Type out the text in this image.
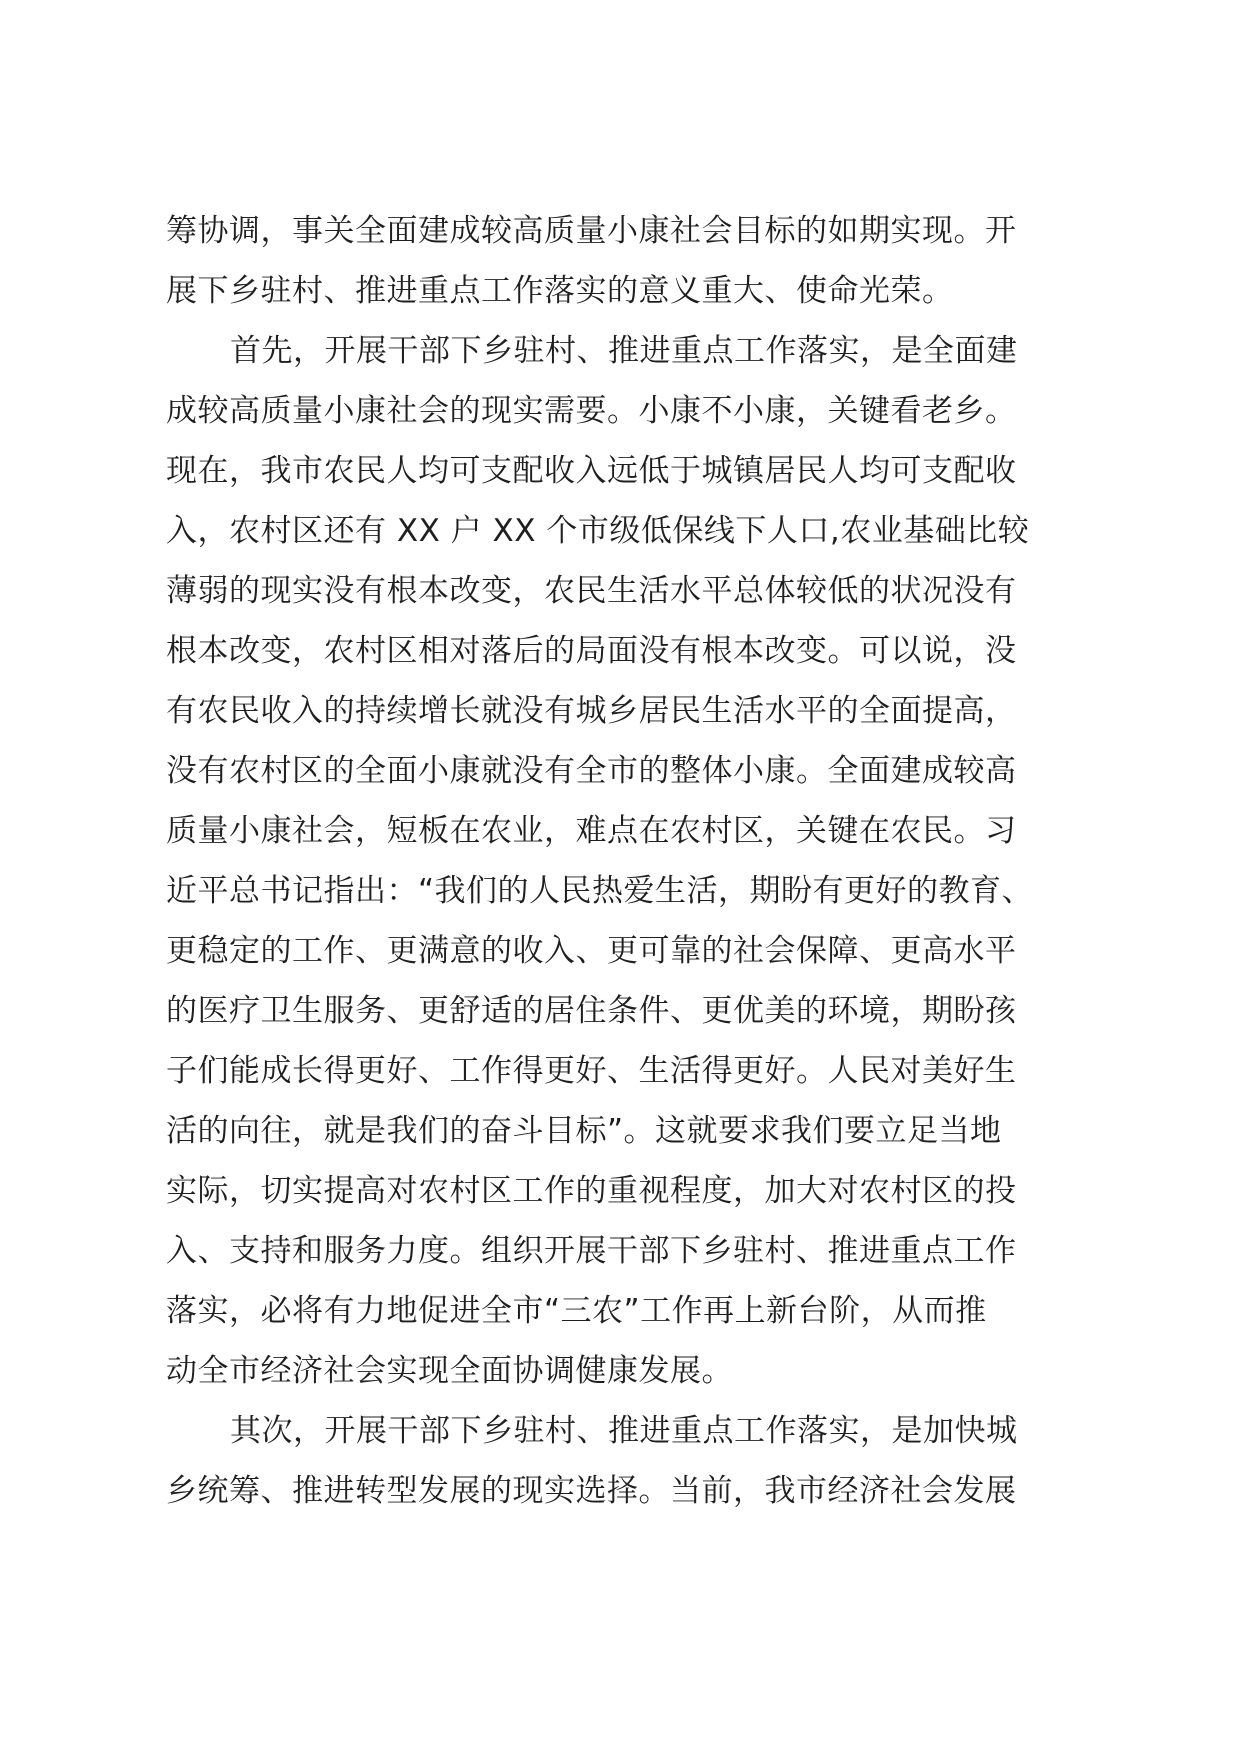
筹协调，事关全面建成较高质量小康社会目标的如期实现。开
展下乡驻村、推进重点工作落实的意义重大、使命光荣。
首先，开展干部下乡驻村、推进重点工作落实，是全面建
成较高质量小康社会的现实需要。小康不小康，关键看老乡。
现在，我市农民人均可支配收入远低于城镇居民人均可支配收
入，农村区还有 XX 户 XX 个市级低保线下人口,农业基础比较
薄弱的现实没有根本改变，农民生活水平总体较低的状况没有
根本改变，农村区相对落后的局面没有根本改变。可以说，没
有农民收入的持续增长就没有城乡居民生活水平的全面提高，
没有农村区的全面小康就没有全市的整体小康。全面建成较高
质量小康社会，短板在农业，难点在农村区，关键在农民。习
近平总书记指出：“我们的人民热爱生活，期盼有更好的教育、
更稳定的工作、更满意的收入、更可靠的社会保障、更高水平
的医疗卫生服务、更舒适的居住条件、更优美的环境，期盼孩
子们能成长得更好、工作得更好、生活得更好。人民对美好生
活的向往，就是我们的奋斗目标”。这就要求我们要立足当地
实际，切实提高对农村区工作的重视程度，加大对农村区的投
入、支持和服务力度。组织开展干部下乡驻村、推进重点工作
落实，必将有力地促进全市“三农”工作再上新台阶，从而推
动全市经济社会实现全面协调健康发展。
其次，开展干部下乡驻村、推进重点工作落实，是加快城
乡统筹、推进转型发展的现实选择。当前，我市经济社会发展
